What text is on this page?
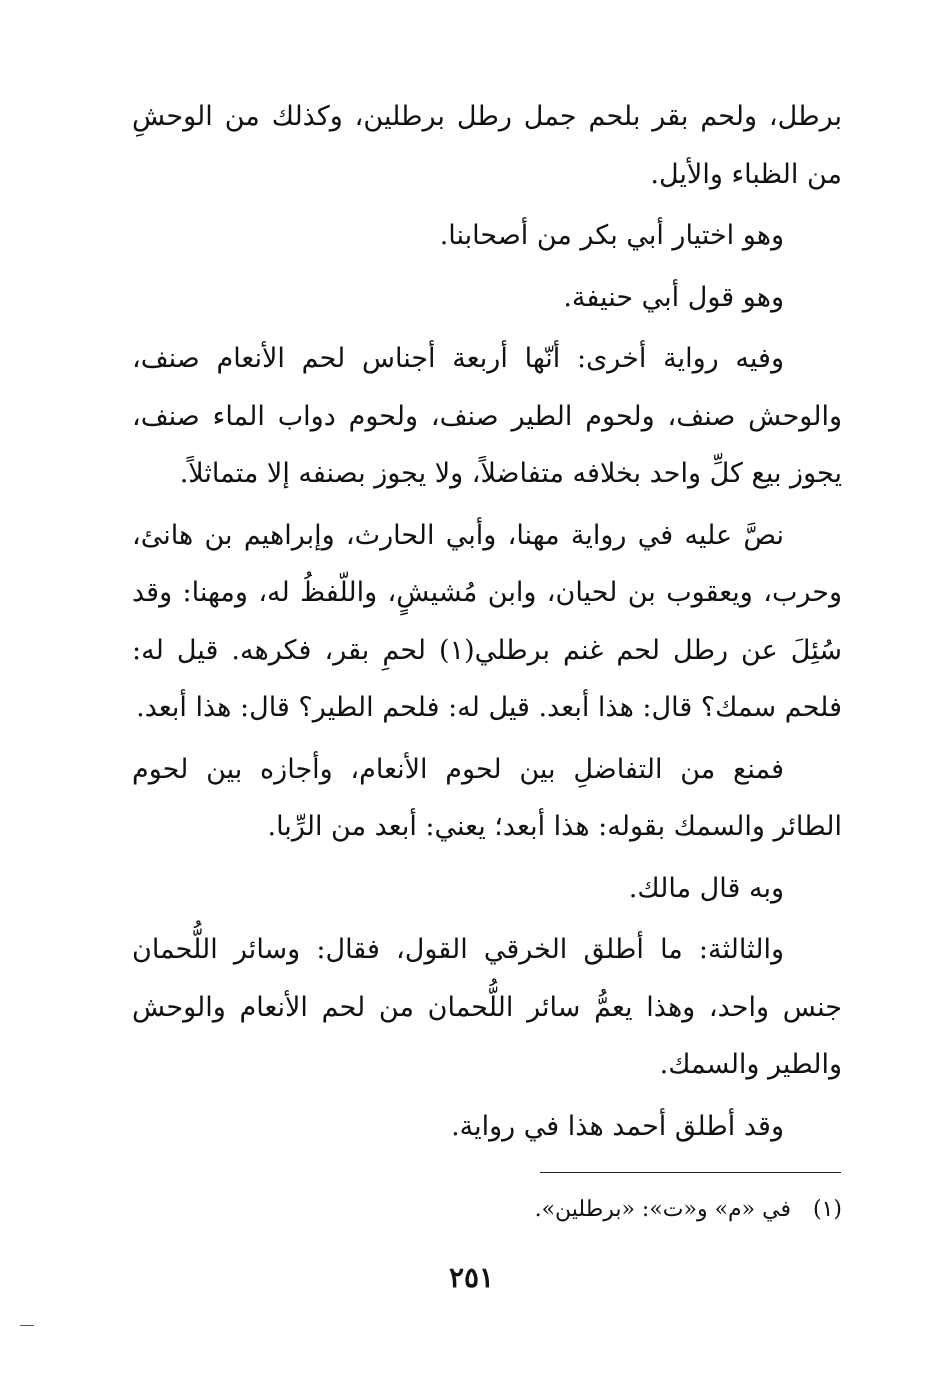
برطل، ولحم بقر بلحم جمل رطل برطلين، وكذلك من الوحشِ من الظباء والأيل.

وهو اختيار أبي بكر من أصحابنا.

وهو قول أبي حنيفة.

وفيه رواية أخرى: أنّها أربعة أجناس لحم الأنعام صنف، والوحش صنف، ولحوم الطير صنف، ولحوم دواب الماء صنف، يجوز بيع كلِّ واحد بخلافه متفاضلاً، ولا يجوز بصنفه إلا متماثلاً.

نصَّ عليه في رواية مهنا، وأبي الحارث، وإبراهيم بن هانئ، وحرب، ويعقوب بن لحيان، وابن مُشيشٍ، واللّفظُ له، ومهنا: وقد سُئِلَ عن رطل لحم غنم برطلي(١) لحمِ بقر، فكرهه. قيل له: فلحم سمك؟ قال: هذا أبعد. قيل له: فلحم الطير؟ قال: هذا أبعد.

فمنع من التفاضلِ بين لحوم الأنعام، وأجازه بين لحوم الطائر والسمك بقوله: هذا أبعد؛ يعني: أبعد من الرِّبا.

وبه قال مالك.

والثالثة: ما أطلق الخرقي القول، فقال: وسائر اللُّحمان جنس واحد، وهذا يعمُّ سائر اللُّحمان من لحم الأنعام والوحش والطير والسمك.

وقد أطلق أحمد هذا في رواية.

(١)في «م» و«ت»: «برطلين».
٢٥١
